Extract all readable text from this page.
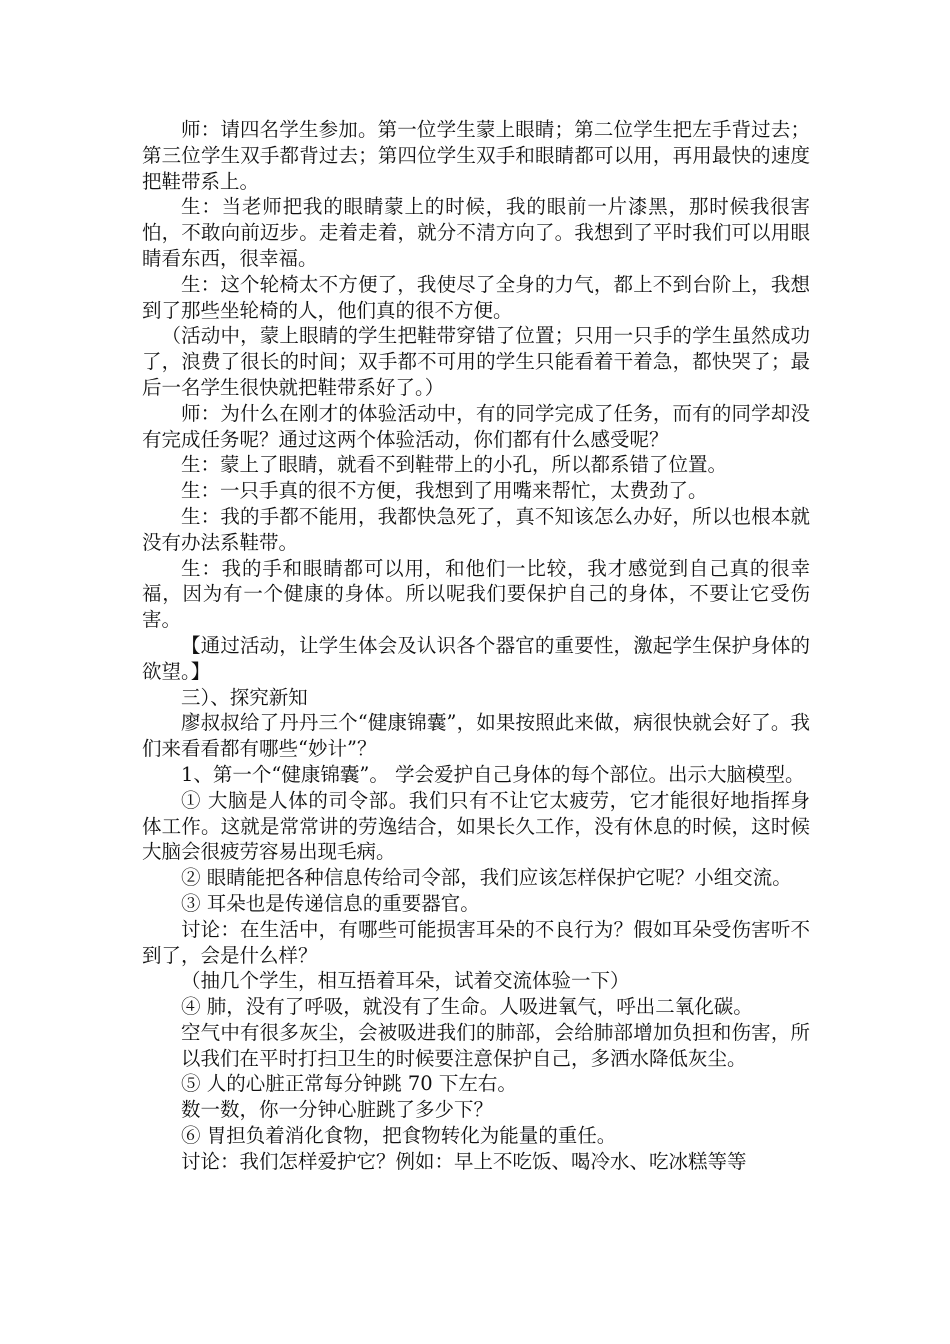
师：请四名学生参加。第一位学生蒙上眼睛；第二位学生把左手背过去；第三位学生双手都背过去；第四位学生双手和眼睛都可以用，再用最快的速度把鞋带系上。

生：当老师把我的眼睛蒙上的时候，我的眼前一片漆黑，那时候我很害怕，不敢向前迈步。走着走着，就分不清方向了。我想到了平时我们可以用眼睛看东西，很幸福。

生：这个轮椅太不方便了，我使尽了全身的力气，都上不到台阶上，我想到了那些坐轮椅的人，他们真的很不方便。

（活动中，蒙上眼睛的学生把鞋带穿错了位置；只用一只手的学生虽然成功了，浪费了很长的时间；双手都不可用的学生只能看着干着急，都快哭了；最后一名学生很快就把鞋带系好了。）

师：为什么在刚才的体验活动中，有的同学完成了任务，而有的同学却没有完成任务呢？通过这两个体验活动，你们都有什么感受呢？

生：蒙上了眼睛，就看不到鞋带上的小孔，所以都系错了位置。

生：一只手真的很不方便，我想到了用嘴来帮忙，太费劲了。

生：我的手都不能用，我都快急死了，真不知该怎么办好，所以也根本就没有办法系鞋带。

生：我的手和眼睛都可以用，和他们一比较，我才感觉到自己真的很幸福，因为有一个健康的身体。所以呢我们要保护自己的身体，不要让它受伤害。

【通过活动，让学生体会及认识各个器官的重要性，激起学生保护身体的欲望。】

三）、探究新知

廖叔叔给了丹丹三个“健康锦囊”，如果按照此来做，病很快就会好了。我们来看看都有哪些“妙计”？

1、第一个“健康锦囊”。 学会爱护自己身体的每个部位。出示大脑模型。

① 大脑是人体的司令部。我们只有不让它太疲劳，它才能很好地指挥身体工作。这就是常常讲的劳逸结合，如果长久工作，没有休息的时候，这时候大脑会很疲劳容易出现毛病。

② 眼睛能把各种信息传给司令部，我们应该怎样保护它呢？小组交流。

③ 耳朵也是传递信息的重要器官。

讨论：在生活中，有哪些可能损害耳朵的不良行为？假如耳朵受伤害听不到了，会是什么样？

（抽几个学生，相互捂着耳朵，试着交流体验一下）

④ 肺，没有了呼吸，就没有了生命。人吸进氧气，呼出二氧化碳。

空气中有很多灰尘，会被吸进我们的肺部，会给肺部增加负担和伤害，所以我们在平时打扫卫生的时候要注意保护自己，多洒水降低灰尘。

⑤ 人的心脏正常每分钟跳 70 下左右。

数一数，你一分钟心脏跳了多少下？

⑥ 胃担负着消化食物，把食物转化为能量的重任。

讨论：我们怎样爱护它？例如：早上不吃饭、喝冷水、吃冰糕等等
